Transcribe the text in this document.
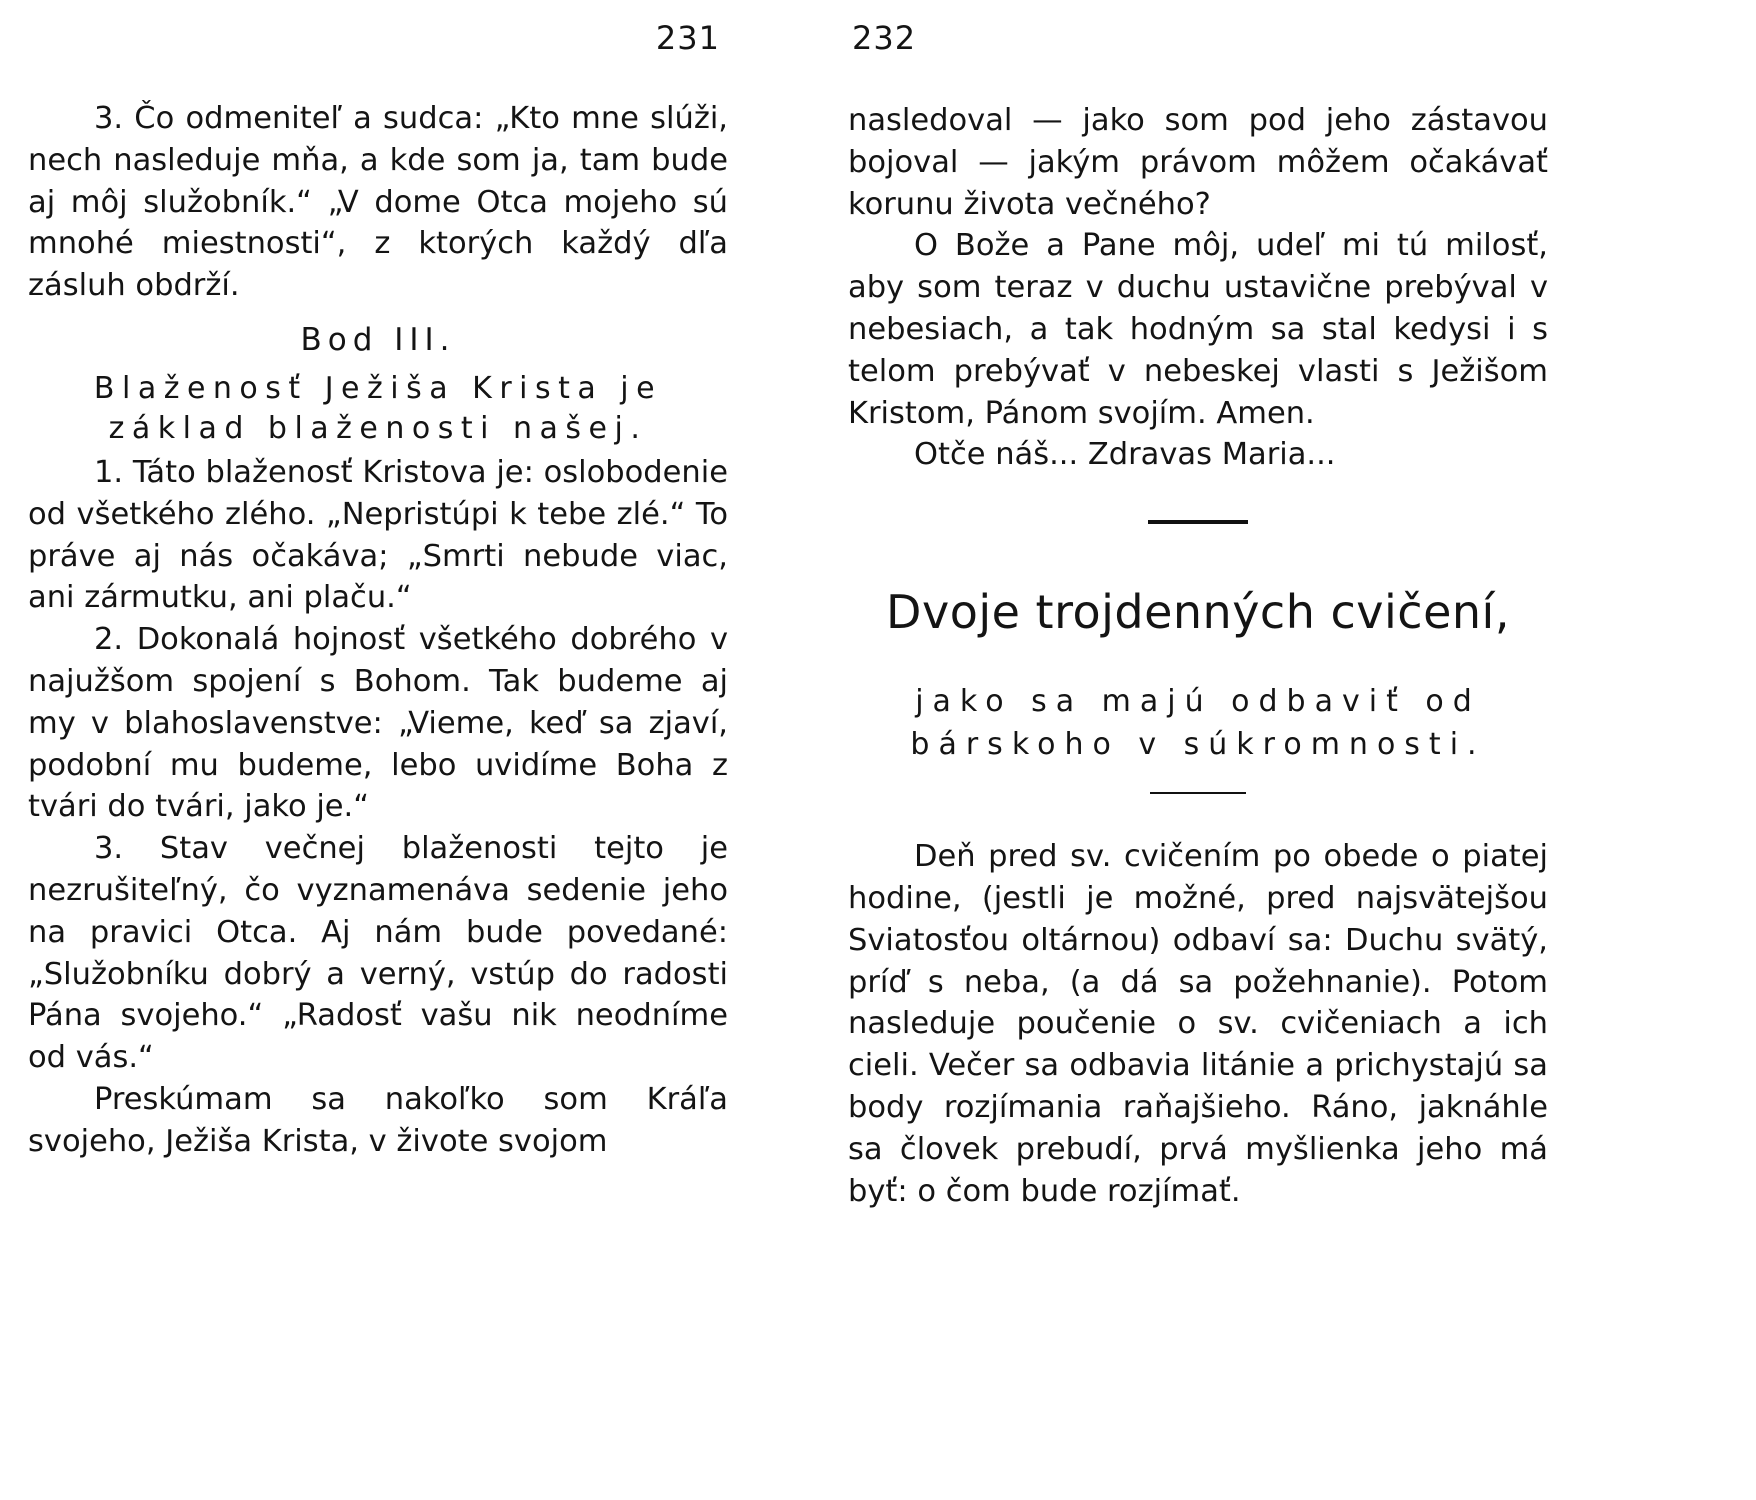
231

3. Čo odmeniteľ a sudca: „Kto mne slúži, nech nasleduje mňa, a kde som ja, tam bude aj môj služobník.“ „V dome Otca mojeho sú mnohé miestnosti“, z ktorých každý dľa zásluh obdrží.

Bod III.

Blaženosť Ježiša Krista je základ blaženosti našej.

1. Táto blaženosť Kristova je: oslobodenie od všetkého zlého. „Nepristúpi k tebe zlé.“ To práve aj nás očakáva; „Smrti nebude viac, ani zármutku, ani plaču.“

2. Dokonalá hojnosť všetkého dobrého v najužšom spojení s Bohom. Tak budeme aj my v blahoslavenstve: „Vieme, keď sa zjaví, podobní mu budeme, lebo uvidíme Boha z tvári do tvári, jako je.“

3. Stav večnej blaženosti tejto je nezrušiteľný, čo vyznamenáva sedenie jeho na pravici Otca. Aj nám bude povedané: „Služobníku dobrý a verný, vstúp do radosti Pána svojeho.“ „Radosť vašu nik neodníme od vás.“

Preskúmam sa nakoľko som Kráľa svojeho, Ježiša Krista, v živote svojom

232

nasledoval — jako som pod jeho zástavou bojoval — jakým právom môžem očakávať korunu života večného?

O Bože a Pane môj, udeľ mi tú milosť, aby som teraz v duchu ustavične prebýval v nebesiach, a tak hodným sa stal kedysi i s telom prebývať v nebeskej vlasti s Ježišom Kristom, Pánom svojím. Amen.

Otče náš... Zdravas Maria...

Dvoje trojdenných cvičení,

jako sa majú odbaviť od bárskoho v súkromnosti.

Deň pred sv. cvičením po obede o piatej hodine, (jestli je možné, pred najsvätejšou Sviatosťou oltárnou) odbaví sa: Duchu svätý, príď s neba, (a dá sa požehnanie). Potom nasleduje poučenie o sv. cvičeniach a ich cieli. Večer sa odbavia litánie a prichystajú sa body rozjímania raňajšieho. Ráno, jaknáhle sa človek prebudí, prvá myšlienka jeho má byť: o čom bude rozjímať.
